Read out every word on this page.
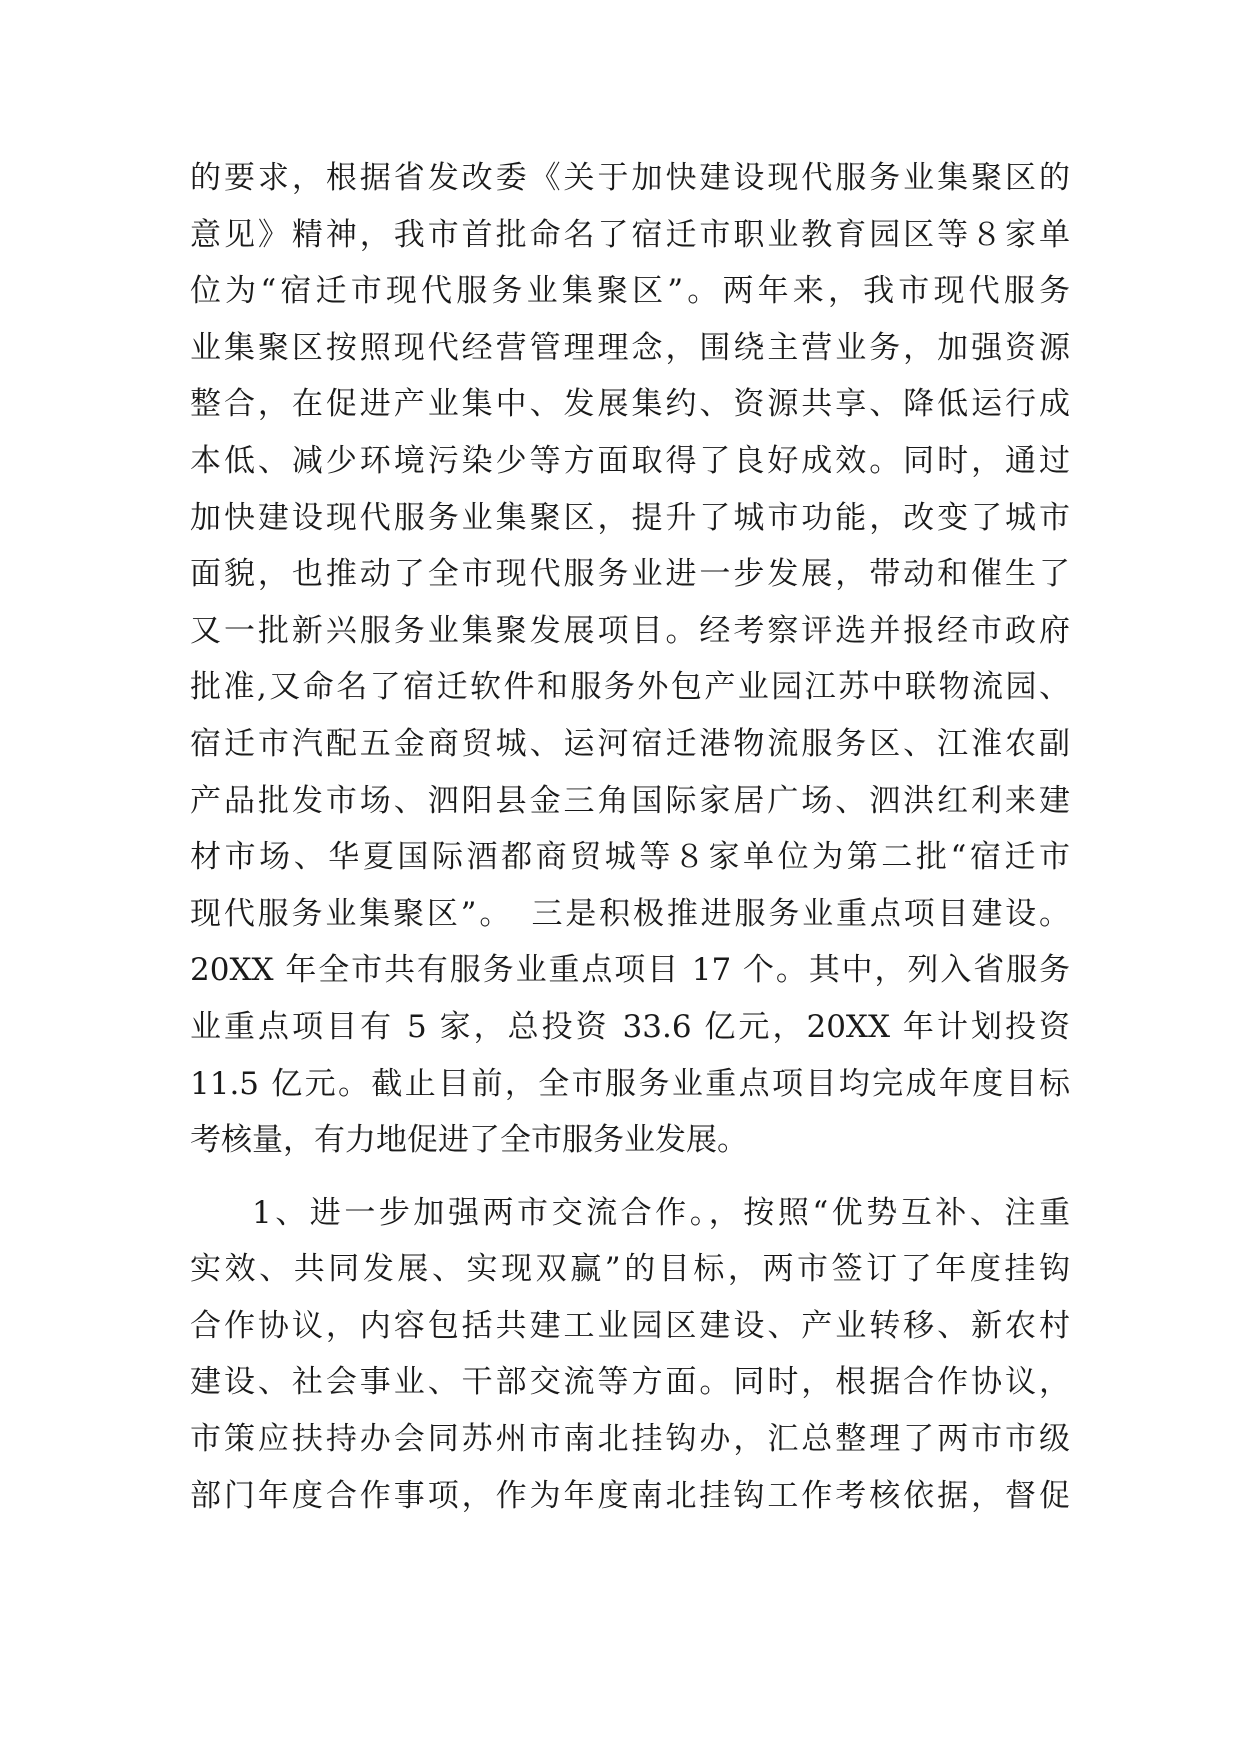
的要求，根据省发改委《关于加快建设现代服务业集聚区的
意见》精神，我市首批命名了宿迁市职业教育园区等８家单
位为“宿迁市现代服务业集聚区”。两年来，我市现代服务
业集聚区按照现代经营管理理念，围绕主营业务，加强资源
整合，在促进产业集中、发展集约、资源共享、降低运行成
本低、减少环境污染少等方面取得了良好成效。同时，通过
加快建设现代服务业集聚区，提升了城市功能，改变了城市
面貌，也推动了全市现代服务业进一步发展，带动和催生了
又一批新兴服务业集聚发展项目。经考察评选并报经市政府
批准,又命名了宿迁软件和服务外包产业园江苏中联物流园、
宿迁市汽配五金商贸城、运河宿迁港物流服务区、江淮农副
产品批发市场、泗阳县金三角国际家居广场、泗洪红利来建
材市场、华夏国际酒都商贸城等８家单位为第二批“宿迁市
现代服务业集聚区”。　三是积极推进服务业重点项目建设。
20XX 年全市共有服务业重点项目 17 个。其中，列入省服务
业重点项目有 5 家，总投资 33.6 亿元，20XX 年计划投资
11.5 亿元。截止目前，全市服务业重点项目均完成年度目标
考核量，有力地促进了全市服务业发展。
1、进一步加强两市交流合作。，按照“优势互补、注重
实效、共同发展、实现双赢”的目标，两市签订了年度挂钩
合作协议，内容包括共建工业园区建设、产业转移、新农村
建设、社会事业、干部交流等方面。同时，根据合作协议，
市策应扶持办会同苏州市南北挂钩办，汇总整理了两市市级
部门年度合作事项，作为年度南北挂钩工作考核依据，督促
